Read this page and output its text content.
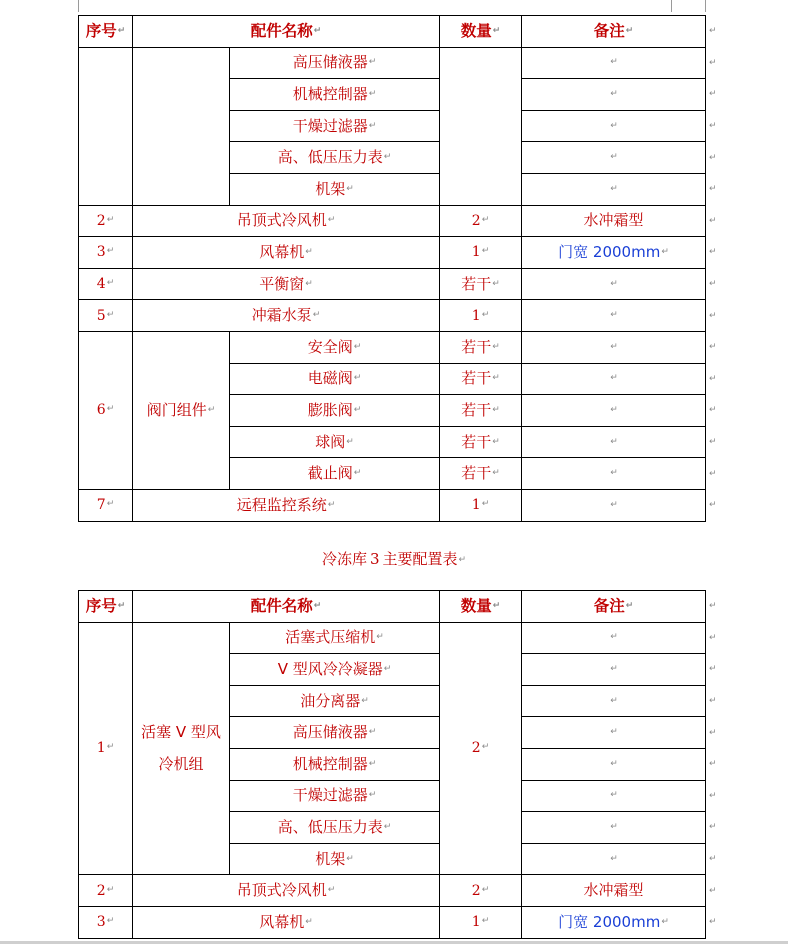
序号↵	配件名称↵		数量↵	备注↵
		高压储液器↵		↵
		机械控制器↵		↵
		干燥过滤器↵		↵
		高、低压压力表↵		↵
		机架↵		↵
2↵	吊顶式冷风机↵		2↵	水冲霜型
3↵	风幕机↵		1↵	门宽 2000mm↵
4↵	平衡窗↵		若干↵	↵
5↵	冲霜水泵↵		1↵	↵
6↵	阀门组件↵	安全阀↵	若干↵	↵
		电磁阀↵	若干↵	↵
		膨胀阀↵	若干↵	↵
		球阀↵	若干↵	↵
		截止阀↵	若干↵	↵
7↵	远程监控系统↵		1↵	↵
冷冻库 3 主要配置表↵
序号↵	配件名称↵		数量↵	备注↵
1↵	活塞 V 型风冷机组	活塞式压缩机↵	2↵	↵
		V 型风冷冷凝器↵		↵
		油分离器↵		↵
		高压储液器↵		↵
		机械控制器↵		↵
		干燥过滤器↵		↵
		高、低压压力表↵		↵
		机架↵		↵
2↵	吊顶式冷风机↵		2↵	水冲霜型
3↵	风幕机↵		1↵	门宽 2000mm↵
↵
↵
↵
↵
↵
↵
↵
↵
↵
↵
↵
↵
↵
↵
↵
↵
↵
↵
↵
↵
↵
↵
↵
↵
↵
↵
↵
